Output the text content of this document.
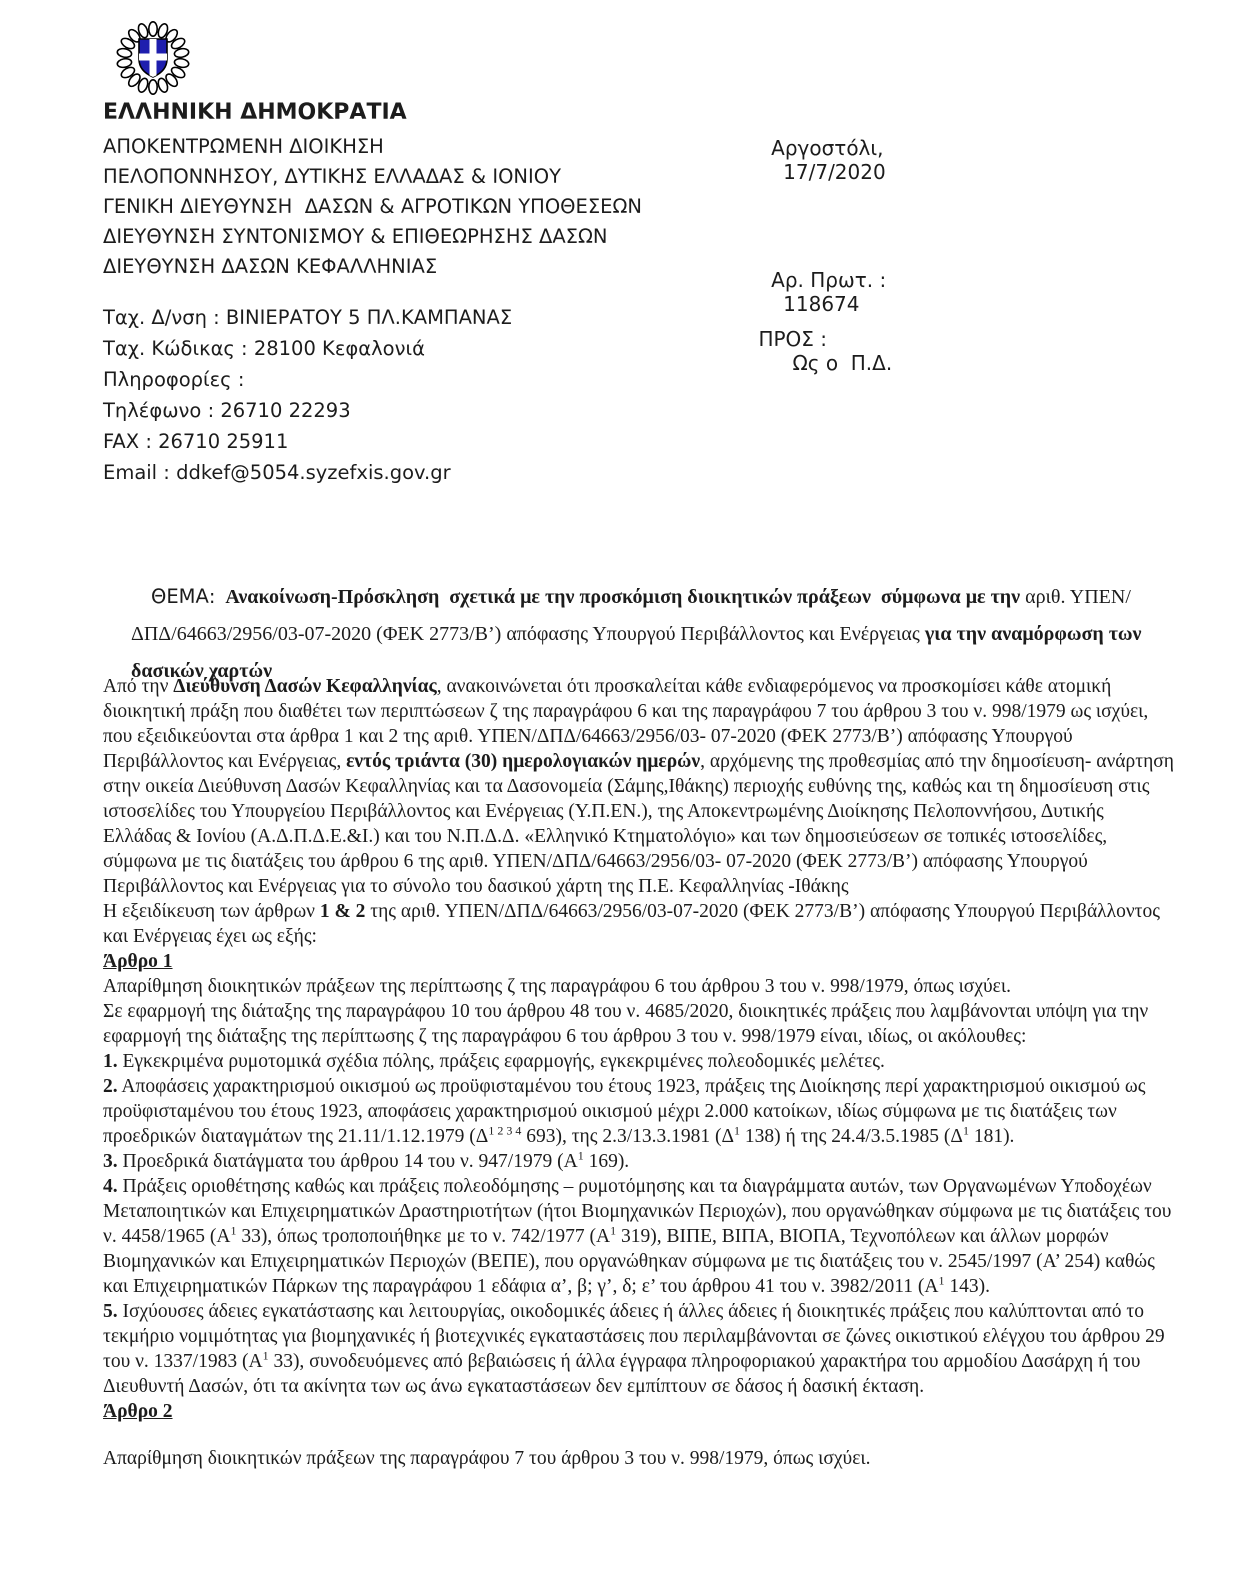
ΕΛΛΗΝΙΚΗ ΔΗΜΟΚΡΑΤΙΑ
ΑΠΟΚΕΝΤΡΩΜΕΝΗ ΔΙΟΙΚΗΣΗ
ΠΕΛΟΠΟΝΝΗΣΟΥ, ΔΥΤΙΚΗΣ ΕΛΛΑΔΑΣ & ΙΟΝΙΟΥ
ΓΕΝΙΚΗ ΔΙΕΥΘΥΝΣΗ  ΔΑΣΩΝ & ΑΓΡΟΤΙΚΩΝ ΥΠΟΘΕΣΕΩΝ
ΔΙΕΥΘΥΝΣΗ ΣΥΝΤΟΝΙΣΜΟΥ & ΕΠΙΘΕΩΡΗΣΗΣ ΔΑΣΩΝ
ΔΙΕΥΘΥΝΣΗ ΔΑΣΩΝ ΚΕΦΑΛΛΗΝΙΑΣ

Αργοστόλι,
17/7/2020

Αρ. Πρωτ. :
118674

ΠΡΟΣ :
Ως ο  Π.Δ.

Ταχ. Δ/νση : ΒΙΝΙΕΡΑΤΟΥ 5 ΠΛ.ΚΑΜΠΑΝΑΣ
Ταχ. Κώδικας : 28100 Κεφαλονιά
Πληροφορίες :
Τηλέφωνο : 26710 22293
FAX : 26710 25911
Email : ddkef@5054.syzefxis.gov.gr

ΘΕΜΑ: Ανακοίνωση-Πρόσκληση  σχετικά με την προσκόμιση διοικητικών πράξεων  σύμφωνα με την αριθ. ΥΠΕΝ/ΔΠΔ/64663/2956/03-07-2020 (ΦΕΚ 2773/Β’) απόφασης Υπουργού Περιβάλλοντος και Ενέργειας για την αναμόρφωση των δασικών χαρτών

Από την Διεύθυνση Δασών Κεφαλληνίας, ανακοινώνεται ότι προσκαλείται κάθε ενδιαφερόμενος να προσκομίσει κάθε ατομική διοικητική πράξη που διαθέτει των περιπτώσεων ζ της παραγράφου 6 και της παραγράφου 7 του άρθρου 3 του ν. 998/1979 ως ισχύει, που εξειδικεύονται στα άρθρα 1 και 2 της αριθ. ΥΠΕΝ/ΔΠΔ/64663/2956/03- 07-2020 (ΦΕΚ 2773/Β’) απόφασης Υπουργού Περιβάλλοντος και Ενέργειας, εντός τριάντα (30) ημερολογιακών ημερών, αρχόμενης της προθεσμίας από την δημοσίευση- ανάρτηση στην οικεία Διεύθυνση Δασών Κεφαλληνίας και τα Δασονομεία (Σάμης,Ιθάκης) περιοχής ευθύνης της, καθώς και τη δημοσίευση στις ιστοσελίδες του Υπουργείου Περιβάλλοντος και Ενέργειας (Υ.Π.ΕΝ.), της Αποκεντρωμένης Διοίκησης Πελοποννήσου, Δυτικής Ελλάδας & Ιονίου (Α.Δ.Π.Δ.Ε.&Ι.) και του Ν.Π.Δ.Δ. «Ελληνικό Κτηματολόγιο» και των δημοσιεύσεων σε τοπικές ιστοσελίδες, σύμφωνα με τις διατάξεις του άρθρου 6 της αριθ. ΥΠΕΝ/ΔΠΔ/64663/2956/03- 07-2020 (ΦΕΚ 2773/Β’) απόφασης Υπουργού Περιβάλλοντος και Ενέργειας για το σύνολο του δασικού χάρτη της Π.Ε. Κεφαλληνίας -Ιθάκης
Η εξειδίκευση των άρθρων 1 & 2 της αριθ. ΥΠΕΝ/ΔΠΔ/64663/2956/03-07-2020 (ΦΕΚ 2773/Β’) απόφασης Υπουργού Περιβάλλοντος και Ενέργειας έχει ως εξής:
Άρθρο 1
Απαρίθμηση διοικητικών πράξεων της περίπτωσης ζ της παραγράφου 6 του άρθρου 3 του ν. 998/1979, όπως ισχύει.
Σε εφαρμογή της διάταξης της παραγράφου 10 του άρθρου 48 του ν. 4685/2020, διοικητικές πράξεις που λαμβάνονται υπόψη για την εφαρμογή της διάταξης της περίπτωσης ζ της παραγράφου 6 του άρθρου 3 του ν. 998/1979 είναι, ιδίως, οι ακόλουθες:
1. Εγκεκριμένα ρυμοτομικά σχέδια πόλης, πράξεις εφαρμογής, εγκεκριμένες πολεοδομικές μελέτες.
2. Αποφάσεις χαρακτηρισμού οικισμού ως προϋφισταμένου του έτους 1923, πράξεις της Διοίκησης περί χαρακτηρισμού οικισμού ως προϋφισταμένου του έτους 1923, αποφάσεις χαρακτηρισμού οικισμού μέχρι 2.000 κατοίκων, ιδίως σύμφωνα με τις διατάξεις των προεδρικών διαταγμάτων της 21.11/1.12.1979 ($\Delta^{1 2 3 4}$ 693), της 2.3/13.3.1981 ($\Delta^1$ 138) ή της 24.4/3.5.1985 ($\Delta^1$ 181).
3. Προεδρικά διατάγματα του άρθρου 14 του ν. 947/1979 ($A^1$ 169).
4. Πράξεις οριοθέτησης καθώς και πράξεις πολεοδόμησης – ρυμοτόμησης και τα διαγράμματα αυτών, των Οργανωμένων Υποδοχέων Μεταποιητικών και Επιχειρηματικών Δραστηριοτήτων (ήτοι Βιομηχανικών Περιοχών), που οργανώθηκαν σύμφωνα με τις διατάξεις του ν. 4458/1965 ($A^1$ 33), όπως τροποποιήθηκε με το ν. 742/1977 ($A^1$ 319), ΒΙΠΕ, ΒΙΠΑ, ΒΙΟΠΑ, Τεχνοπόλεων και άλλων μορφών Βιομηχανικών και Επιχειρηματικών Περιοχών (ΒΕΠΕ), που οργανώθηκαν σύμφωνα με τις διατάξεις του ν. 2545/1997 (Α’ 254) καθώς και Επιχειρηματικών Πάρκων της παραγράφου 1 εδάφια α’, β; γ’, δ; ε’ του άρθρου 41 του ν. 3982/2011 ($A^1$ 143).
5. Ισχύουσες άδειες εγκατάστασης και λειτουργίας, οικοδομικές άδειες ή άλλες άδειες ή διοικητικές πράξεις που καλύπτονται από το τεκμήριο νομιμότητας για βιομηχανικές ή βιοτεχνικές εγκαταστάσεις που περιλαμβάνονται σε ζώνες οικιστικού ελέγχου του άρθρου 29 του ν. 1337/1983 ($A^1$ 33), συνοδευόμενες από βεβαιώσεις ή άλλα έγγραφα πληροφοριακού χαρακτήρα του αρμοδίου Δασάρχη ή του Διευθυντή Δασών, ότι τα ακίνητα των ως άνω εγκαταστάσεων δεν εμπίπτουν σε δάσος ή δασική έκταση.
Άρθρο 2
Απαρίθμηση διοικητικών πράξεων της παραγράφου 7 του άρθρου 3 του ν. 998/1979, όπως ισχύει.
